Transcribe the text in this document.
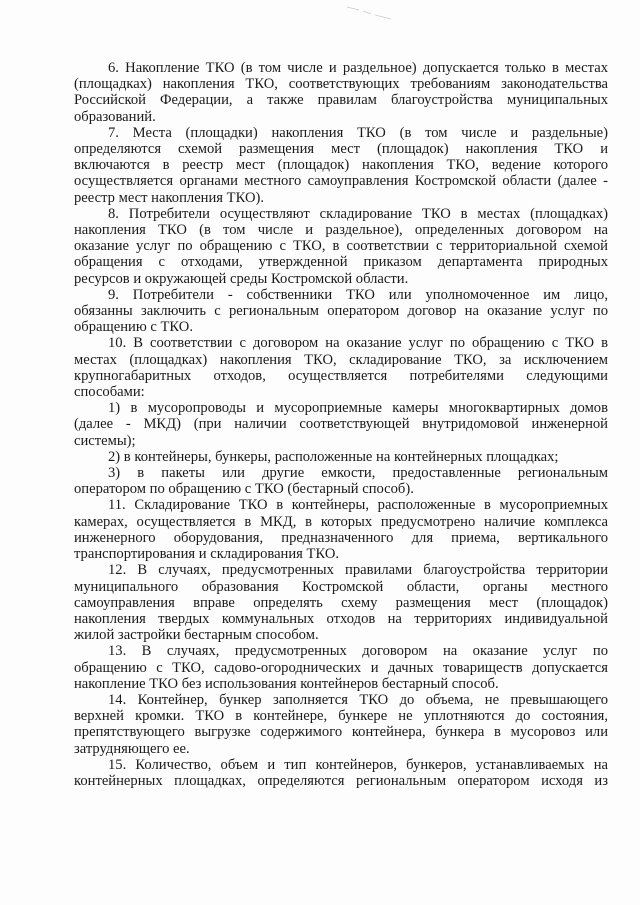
6. Накопление ТКО (в том числе и раздельное) допускается только в местах
(площадках) накопления ТКО, соответствующих требованиям законодательства
Российской Федерации, а также правилам благоустройства муниципальных
образований.

7. Места (площадки) накопления ТКО (в том числе и раздельные)
определяются схемой размещения мест (площадок) накопления ТКО и
включаются в реестр мест (площадок) накопления ТКО, ведение которого
осуществляется органами местного самоуправления Костромской области (далее -
реестр мест накопления ТКО).

8. Потребители осуществляют складирование ТКО в местах (площадках)
накопления ТКО (в том числе и раздельное), определенных договором на
оказание услуг по обращению с ТКО, в соответствии с территориальной схемой
обращения с отходами, утвержденной приказом департамента природных
ресурсов и окружающей среды Костромской области.

9. Потребители - собственники ТКО или уполномоченное им лицо,
обязанны заключить с региональным оператором договор на оказание услуг по
обращению с ТКО.

10. В соответствии с договором на оказание услуг по обращению с ТКО в
местах (площадках) накопления ТКО, складирование ТКО, за исключением
крупногабаритных отходов, осуществляется потребителями следующими
способами:

1) в мусоропроводы и мусороприемные камеры многоквартирных домов
(далее - МКД) (при наличии соответствующей внутридомовой инженерной
системы);

2) в контейнеры, бункеры, расположенные на контейнерных площадках;

3) в пакеты или другие емкости, предоставленные региональным
оператором по обращению с ТКО (бестарный способ).

11. Складирование ТКО в контейнеры, расположенные в мусороприемных
камерах, осуществляется в МКД, в которых предусмотрено наличие комплекса
инженерного оборудования, предназначенного для приема, вертикального
транспортирования и складирования ТКО.

12. В случаях, предусмотренных правилами благоустройства территории
муниципального образования Костромской области, органы местного
самоуправления вправе определять схему размещения мест (площадок)
накопления твердых коммунальных отходов на территориях индивидуальной
жилой застройки бестарным способом.

13. В случаях, предусмотренных договором на оказание услуг по
обращению с ТКО, садово-огороднических и дачных товариществ допускается
накопление ТКО без использования контейнеров бестарный способ.

14. Контейнер, бункер заполняется ТКО до объема, не превышающего
верхней кромки. ТКО в контейнере, бункере не уплотняются до состояния,
препятствующего выгрузке содержимого контейнера, бункера в мусоровоз или
затрудняющего ее.

15. Количество, объем и тип контейнеров, бункеров, устанавливаемых на
контейнерных площадках, определяются региональным оператором исходя из
